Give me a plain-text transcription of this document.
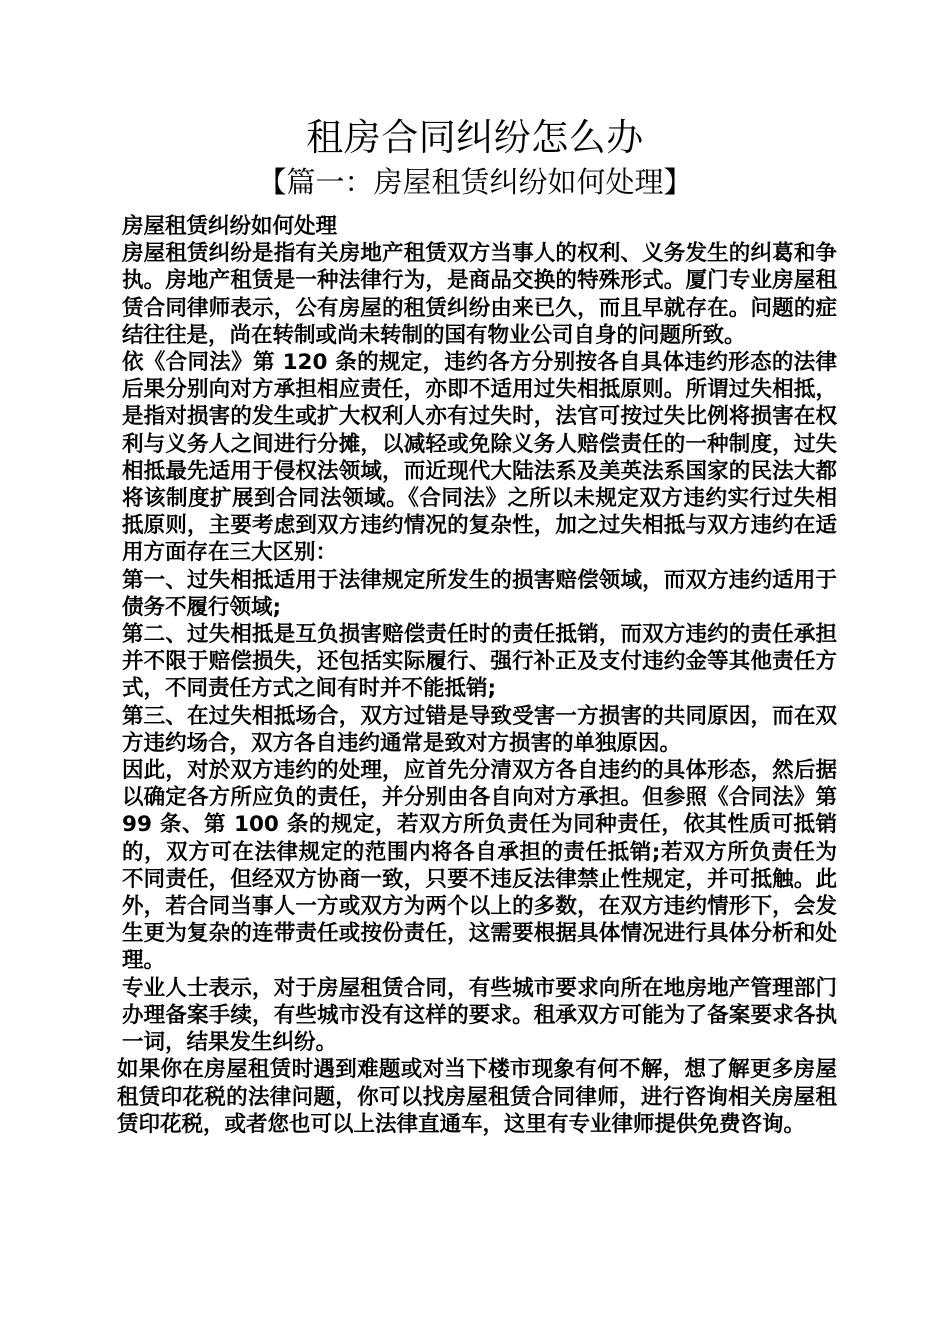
租房合同纠纷怎么办
【篇一：房屋租赁纠纷如何处理】

房屋租赁纠纷如何处理

房屋租赁纠纷是指有关房地产租赁双方当事人的权利、义务发生的纠葛和争执。房地产租赁是一种法律行为，是商品交换的特殊形式。厦门专业房屋租赁合同律师表示，公有房屋的租赁纠纷由来已久，而且早就存在。问题的症结往往是，尚在转制或尚未转制的国有物业公司自身的问题所致。

依《合同法》第 120 条的规定，违约各方分别按各自具体违约形态的法律后果分别向对方承担相应责任，亦即不适用过失相抵原则。所谓过失相抵，是指对损害的发生或扩大权利人亦有过失时，法官可按过失比例将损害在权利与义务人之间进行分摊，以减轻或免除义务人赔偿责任的一种制度，过失相抵最先适用于侵权法领域，而近现代大陆法系及美英法系国家的民法大都将该制度扩展到合同法领域。《合同法》之所以未规定双方违约实行过失相抵原则，主要考虑到双方违约情况的复杂性，加之过失相抵与双方违约在适用方面存在三大区别：

第一、过失相抵适用于法律规定所发生的损害赔偿领域，而双方违约适用于债务不履行领域;

第二、过失相抵是互负损害赔偿责任时的责任抵销，而双方违约的责任承担并不限于赔偿损失，还包括实际履行、强行补正及支付违约金等其他责任方式，不同责任方式之间有时并不能抵销;

第三、在过失相抵场合，双方过错是导致受害一方损害的共同原因，而在双方违约场合，双方各自违约通常是致对方损害的单独原因。

因此，对於双方违约的处理，应首先分清双方各自违约的具体形态，然后据以确定各方所应负的责任，并分别由各自向对方承担。但参照《合同法》第 99 条、第 100 条的规定，若双方所负责任为同种责任，依其性质可抵销的，双方可在法律规定的范围内将各自承担的责任抵销;若双方所负责任为不同责任，但经双方协商一致，只要不违反法律禁止性规定，并可抵触。此外，若合同当事人一方或双方为两个以上的多数，在双方违约情形下，会发生更为复杂的连带责任或按份责任，这需要根据具体情况进行具体分析和处理。

专业人士表示，对于房屋租赁合同，有些城市要求向所在地房地产管理部门办理备案手续，有些城市没有这样的要求。租承双方可能为了备案要求各执一词，结果发生纠纷。

如果你在房屋租赁时遇到难题或对当下楼市现象有何不解，想了解更多房屋租赁印花税的法律问题，你可以找房屋租赁合同律师，进行咨询相关房屋租赁印花税，或者您也可以上法律直通车，这里有专业律师提供免费咨询。
